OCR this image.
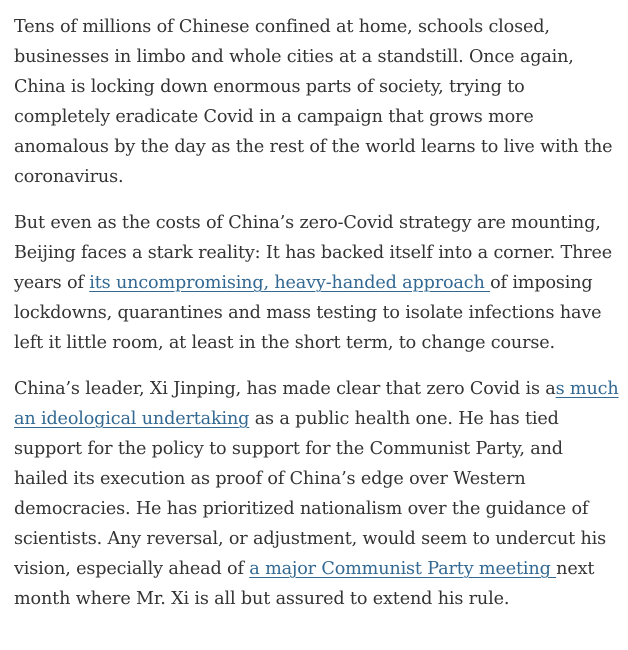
Tens of millions of Chinese confined at home, schools closed, businesses in limbo and whole cities at a standstill. Once again, China is locking down enormous parts of society, trying to completely eradicate Covid in a campaign that grows more anomalous by the day as the rest of the world learns to live with the coronavirus.

But even as the costs of China’s zero-Covid strategy are mounting, Beijing faces a stark reality: It has backed itself into a corner. Three years of its uncompromising, heavy-handed approach of imposing lockdowns, quarantines and mass testing to isolate infections have left it little room, at least in the short term, to change course.

China’s leader, Xi Jinping, has made clear that zero Covid is as much an ideological undertaking as a public health one. He has tied support for the policy to support for the Communist Party, and hailed its execution as proof of China’s edge over Western democracies. He has prioritized nationalism over the guidance of scientists. Any reversal, or adjustment, would seem to undercut his vision, especially ahead of a major Communist Party meeting next month where Mr. Xi is all but assured to extend his rule.
